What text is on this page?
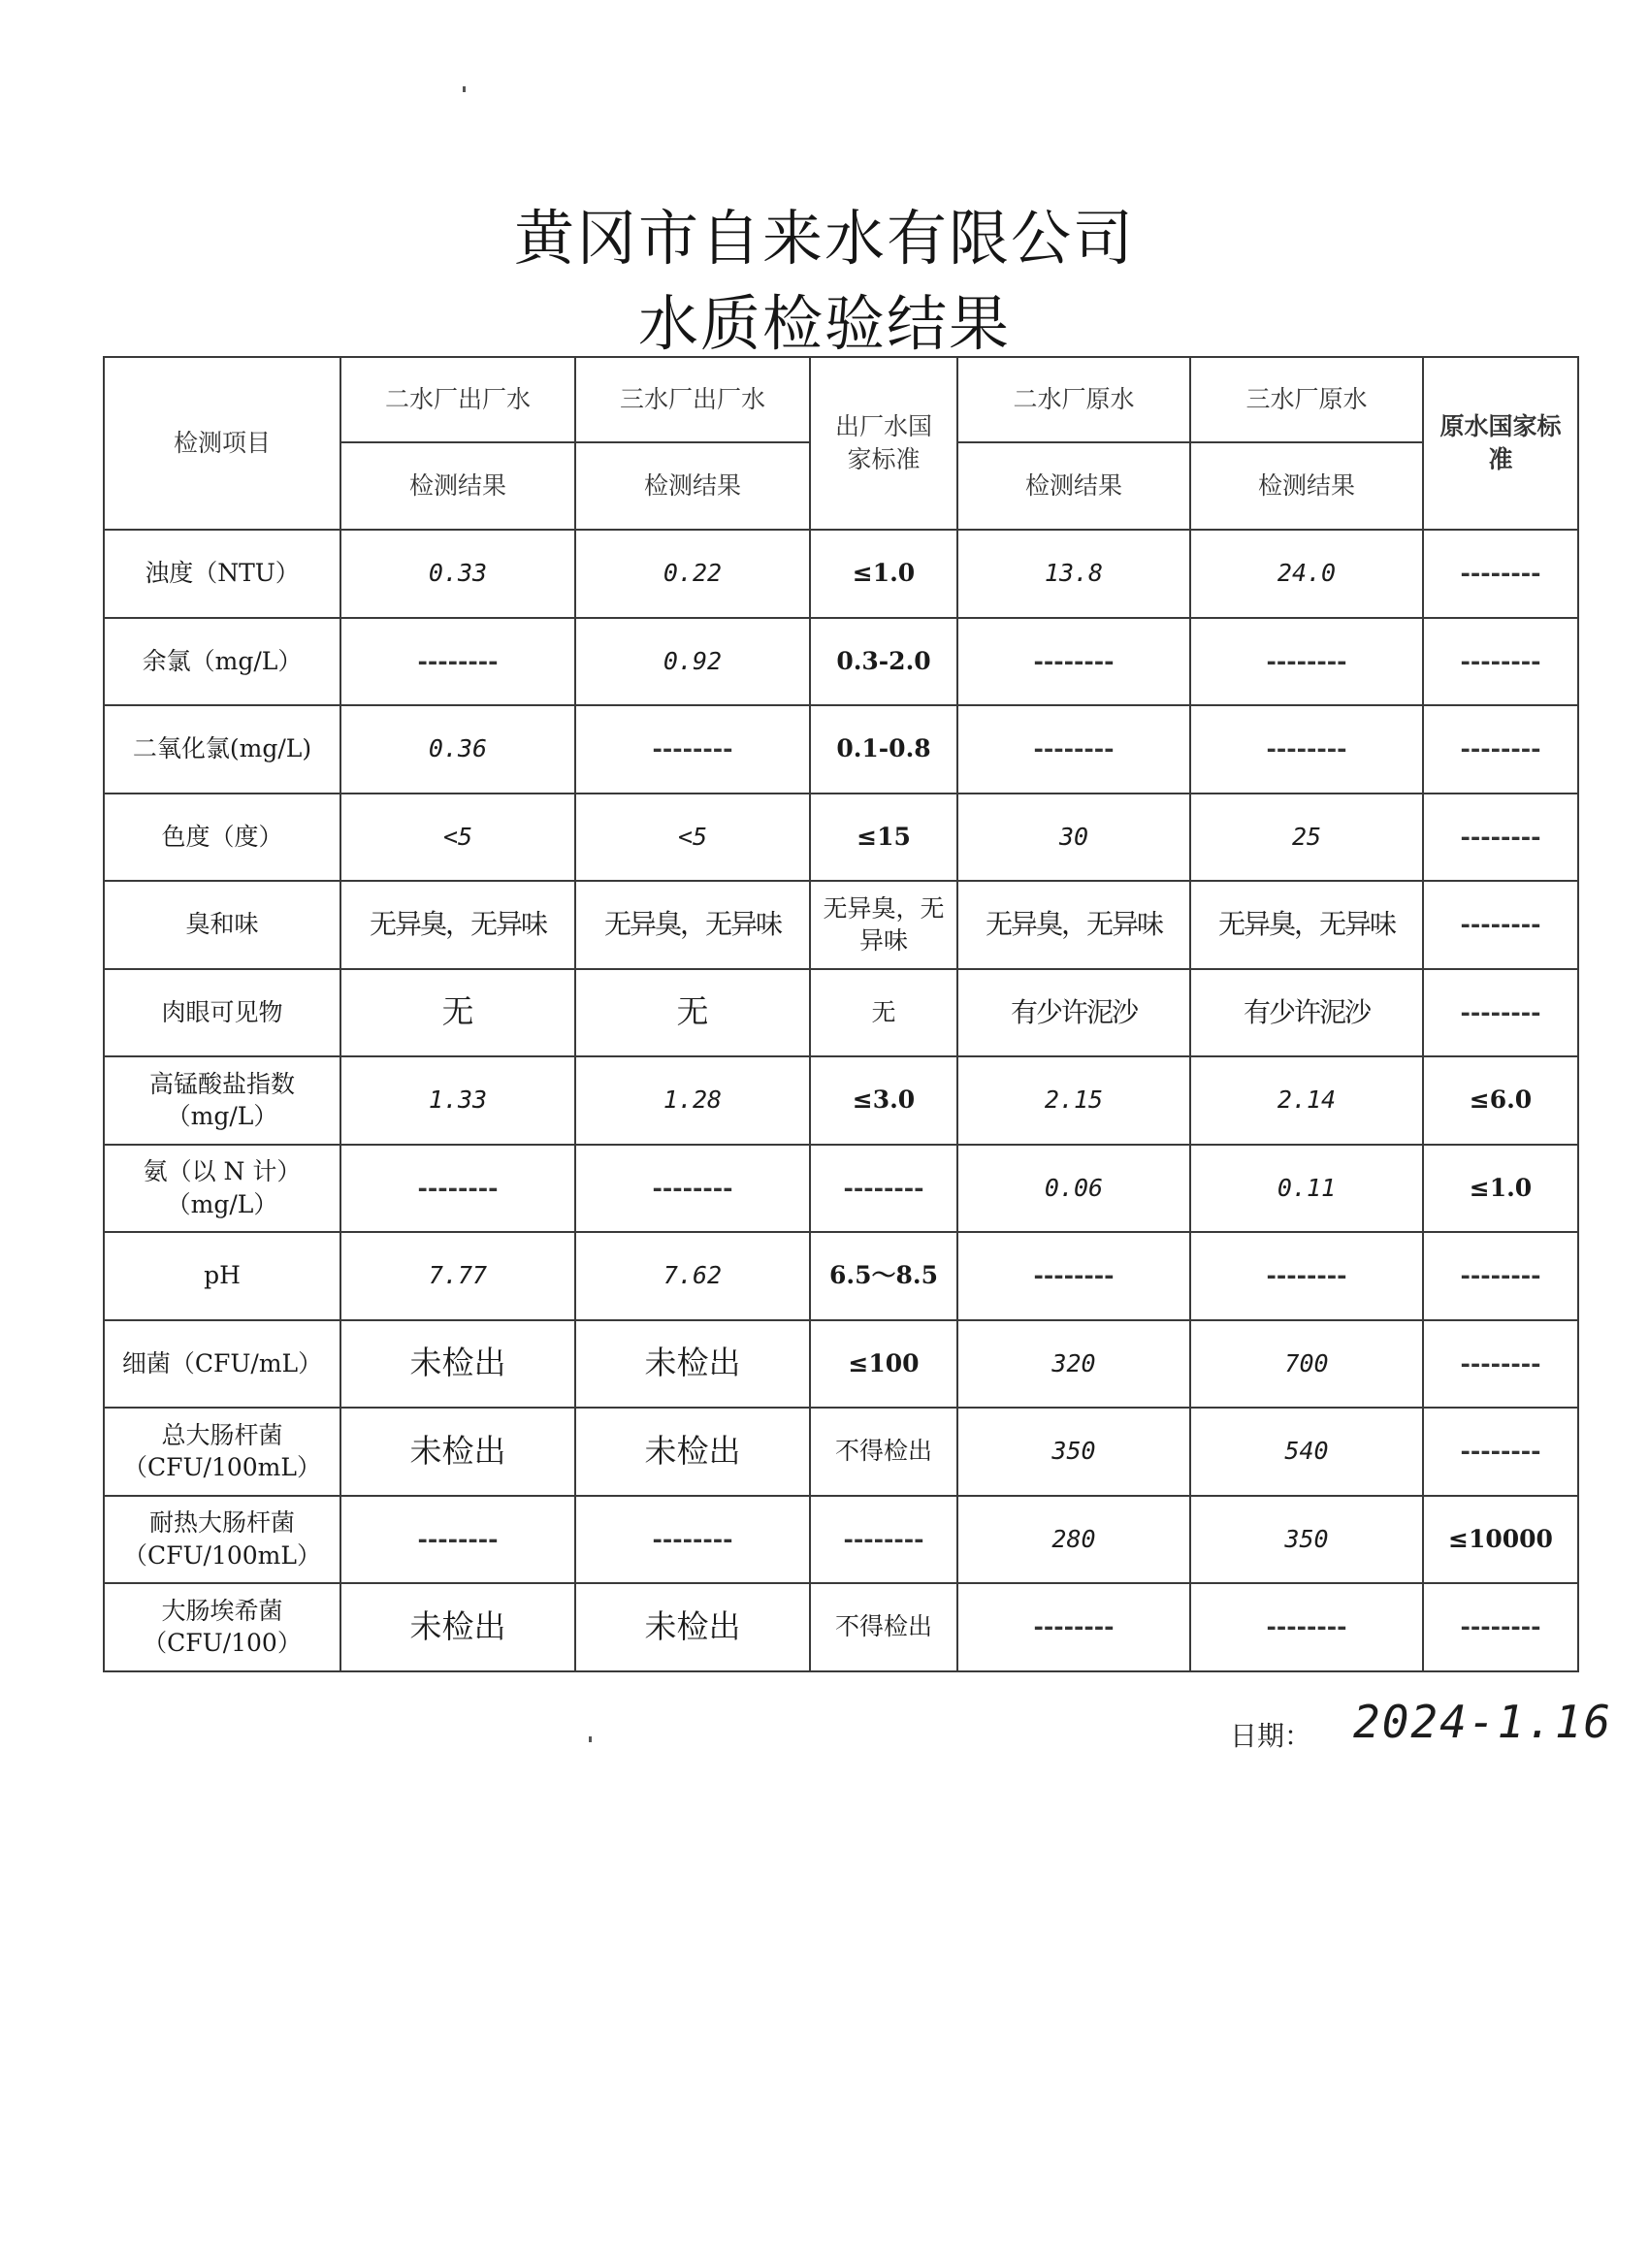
黄冈市自来水有限公司
水质检验结果
检测项目	二水厂出厂水	三水厂出厂水	出厂水国家标准	二水厂原水	三水厂原水	原水国家标准

	检测结果	检测结果		检测结果	检测结果	
浊度（NTU）	0.33	0.22	≤1.0	13.8	24.0	--------
余氯（mg/L）	--------	0.92	0.3-2.0	--------	--------	--------
二氧化氯(mg/L)	0.36	--------	0.1-0.8	--------	--------	--------
色度（度）	<5	<5	≤15	30	25	--------
臭和味	无异臭，无异味	无异臭，无异味	无异臭，无异味	无异臭，无异味	无异臭，无异味	--------
肉眼可见物	无	无	无	有少许泥沙	有少许泥沙	--------
高锰酸盐指数（mg/L）	1.33	1.28	≤3.0	2.15	2.14	≤6.0
氨（以 N 计）（mg/L）	--------	--------	--------	0.06	0.11	≤1.0
pH	7.77	7.62	6.5～8.5	--------	--------	--------
细菌（CFU/mL）	未检出	未检出	≤100	320	700	--------
总大肠杆菌（CFU/100mL）	未检出	未检出	不得检出	350	540	--------
耐热大肠杆菌（CFU/100mL）	--------	--------	--------	280	350	≤10000
大肠埃希菌（CFU/100）	未检出	未检出	不得检出	--------	--------	--------
日期： 2024-1.16
